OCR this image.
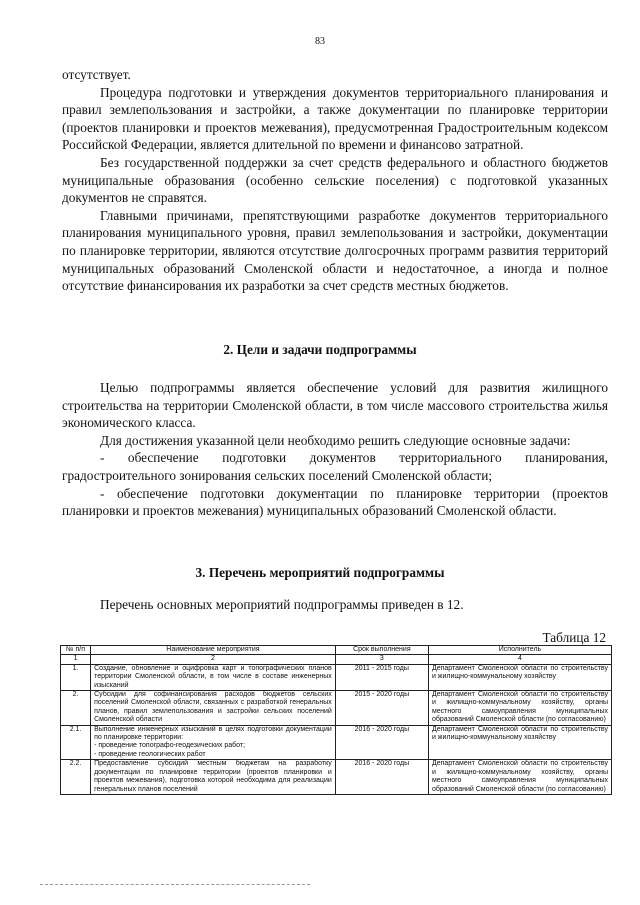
83

отсутствует.

Процедура подготовки и утверждения документов территориального планирования и правил землепользования и застройки, а также документации по планировке территории (проектов планировки и проектов межевания), предусмотренная Градостроительным кодексом Российской Федерации, является длительной по времени и финансово затратной.

Без государственной поддержки за счет средств федерального и областного бюджетов муниципальные образования (особенно сельские поселения) с подготовкой указанных документов не справятся.

Главными причинами, препятствующими разработке документов территориального планирования муниципального уровня, правил землепользования и застройки, документации по планировке территории, являются отсутствие долгосрочных программ развития территорий муниципальных образований Смоленской области и недостаточное, а иногда и полное отсутствие финансирования их разработки за счет средств местных бюджетов.

2. Цели и задачи подпрограммы

Целью подпрограммы является обеспечение условий для развития жилищного строительства на территории Смоленской области, в том числе массового строительства жилья экономического класса.

Для достижения указанной цели необходимо решить следующие основные задачи:

- обеспечение подготовки документов территориального планирования, градостроительного зонирования сельских поселений Смоленской области;

- обеспечение подготовки документации по планировке территории (проектов планировки и проектов межевания) муниципальных образований Смоленской области.

3. Перечень мероприятий подпрограммы
Перечень основных мероприятий подпрограммы приведен в 12.
Таблица 12
№ п/п	Наименование мероприятия	Срок выполнения	Исполнитель
1	2	3	4
1.	Создание, обновление и оцифровка карт и топографических планов территории Смоленской области, в том числе в составе инженерных изысканий	2011 - 2015 годы	Департамент Смоленской области по строительству и жилищно-коммунальному хозяйству
2.	Субсидии для софинансирования расходов бюджетов сельских поселений Смоленской области, связанных с разработкой генеральных планов, правил землепользования и застройки сельских поселений Смоленской области	2015 - 2020 годы	Департамент Смоленской области по строительству и жилищно-коммунальному хозяйству, органы местного самоуправления муниципальных образований Смоленской области (по согласованию)
2.1.	Выполнение инженерных изысканий в целях подготовки документации по планировке территории:
- проведение топографо-геодезических работ;
- проведение геологических работ	2016 - 2020 годы	Департамент Смоленской области по строительству и жилищно-коммунальному хозяйству
2.2.	Предоставление субсидий местным бюджетам на разработку документации по планировке территории (проектов планировки и проектов межевания), подготовка которой необходима для реализации генеральных планов поселений	2016 - 2020 годы	Департамент Смоленской области по строительству и жилищно-коммунальному хозяйству, органы местного самоуправления муниципальных образований Смоленской области (по согласованию)
